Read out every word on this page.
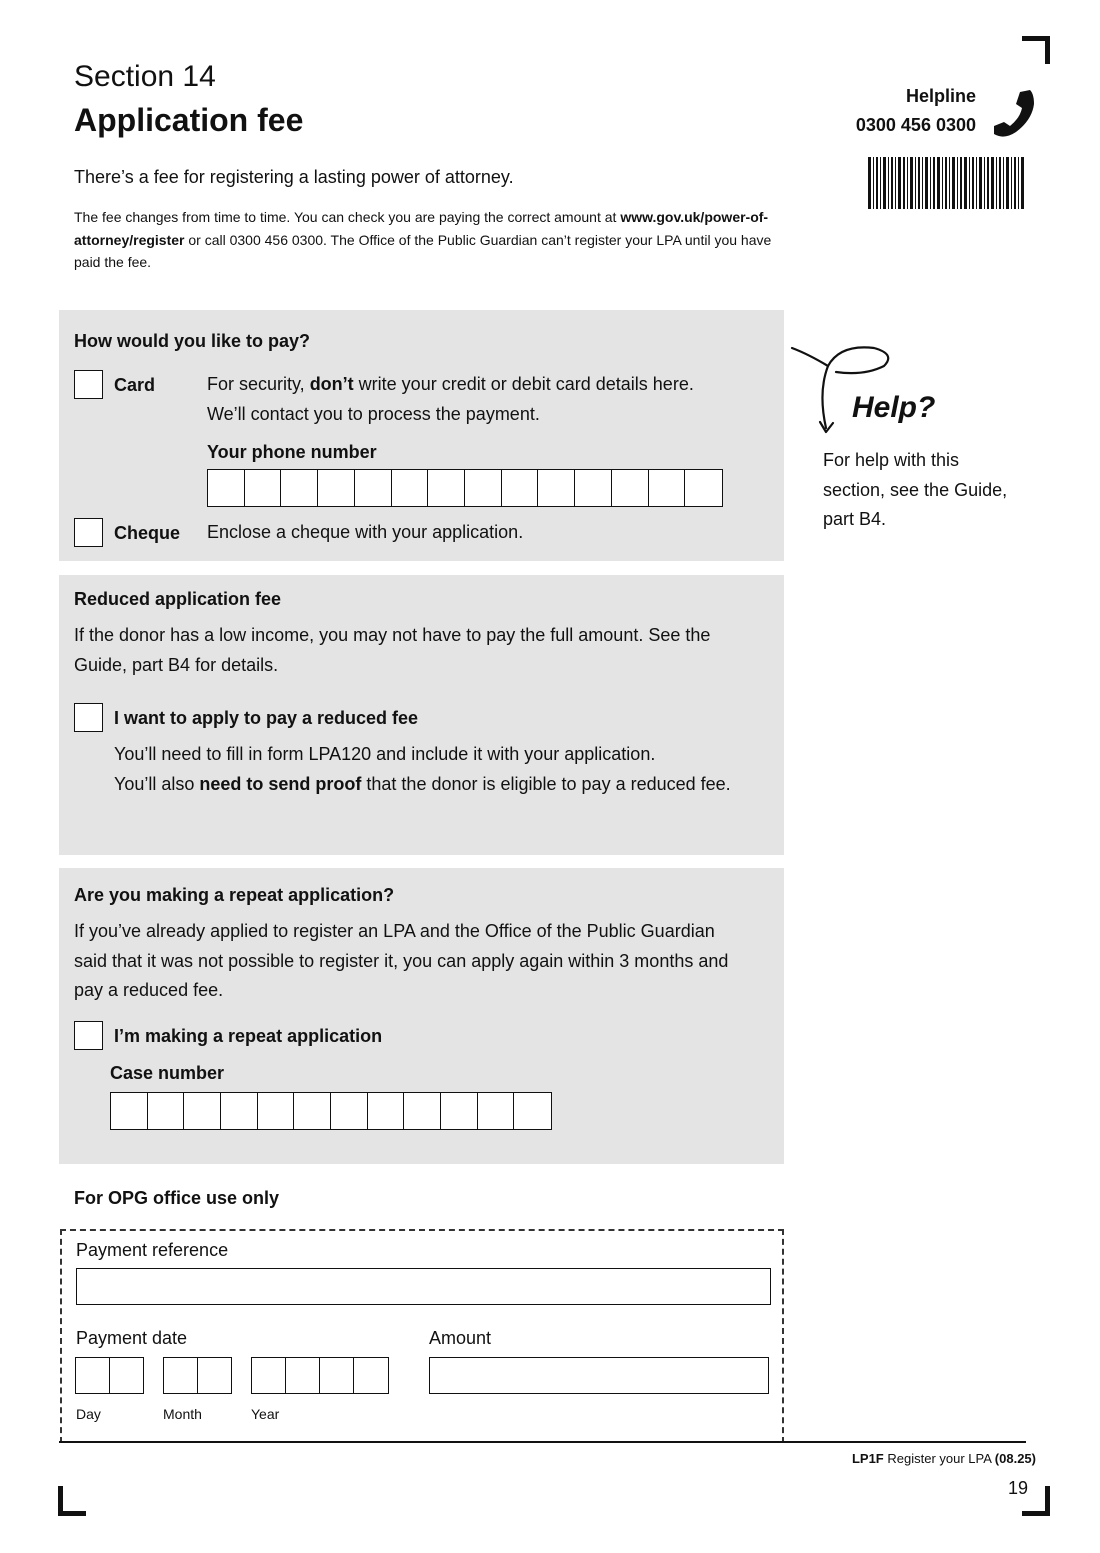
Section 14
Application fee
Helpline
0300 456 0300
There’s a fee for registering a lasting power of attorney.
The fee changes from time to time. You can check you are paying the correct amount at www.gov.uk/power-of-attorney/register or call 0300 456 0300. The Office of the Public Guardian can’t register your LPA until you have paid the fee.
How would you like to pay?
Card	For security, don’t write your credit or debit card details here.
We’ll contact you to process the payment.
Your phone number
Cheque Enclose a cheque with your application.
Reduced application fee
If the donor has a low income, you may not have to pay the full amount. See the Guide, part B4 for details.
I want to apply to pay a reduced fee
You’ll need to fill in form LPA120 and include it with your application.
You’ll also need to send proof that the donor is eligible to pay a reduced fee.
Are you making a repeat application?
If you’ve already applied to register an LPA and the Office of the Public Guardian said that it was not possible to register it, you can apply again within 3 months and pay a reduced fee.
I’m making a repeat application
Case number
Help?
For help with this section, see the Guide, part B4.
For OPG office use only
Payment reference
Payment date	Amount
Day	Month	Year
LP1F Register your LPA (08.25)
19
